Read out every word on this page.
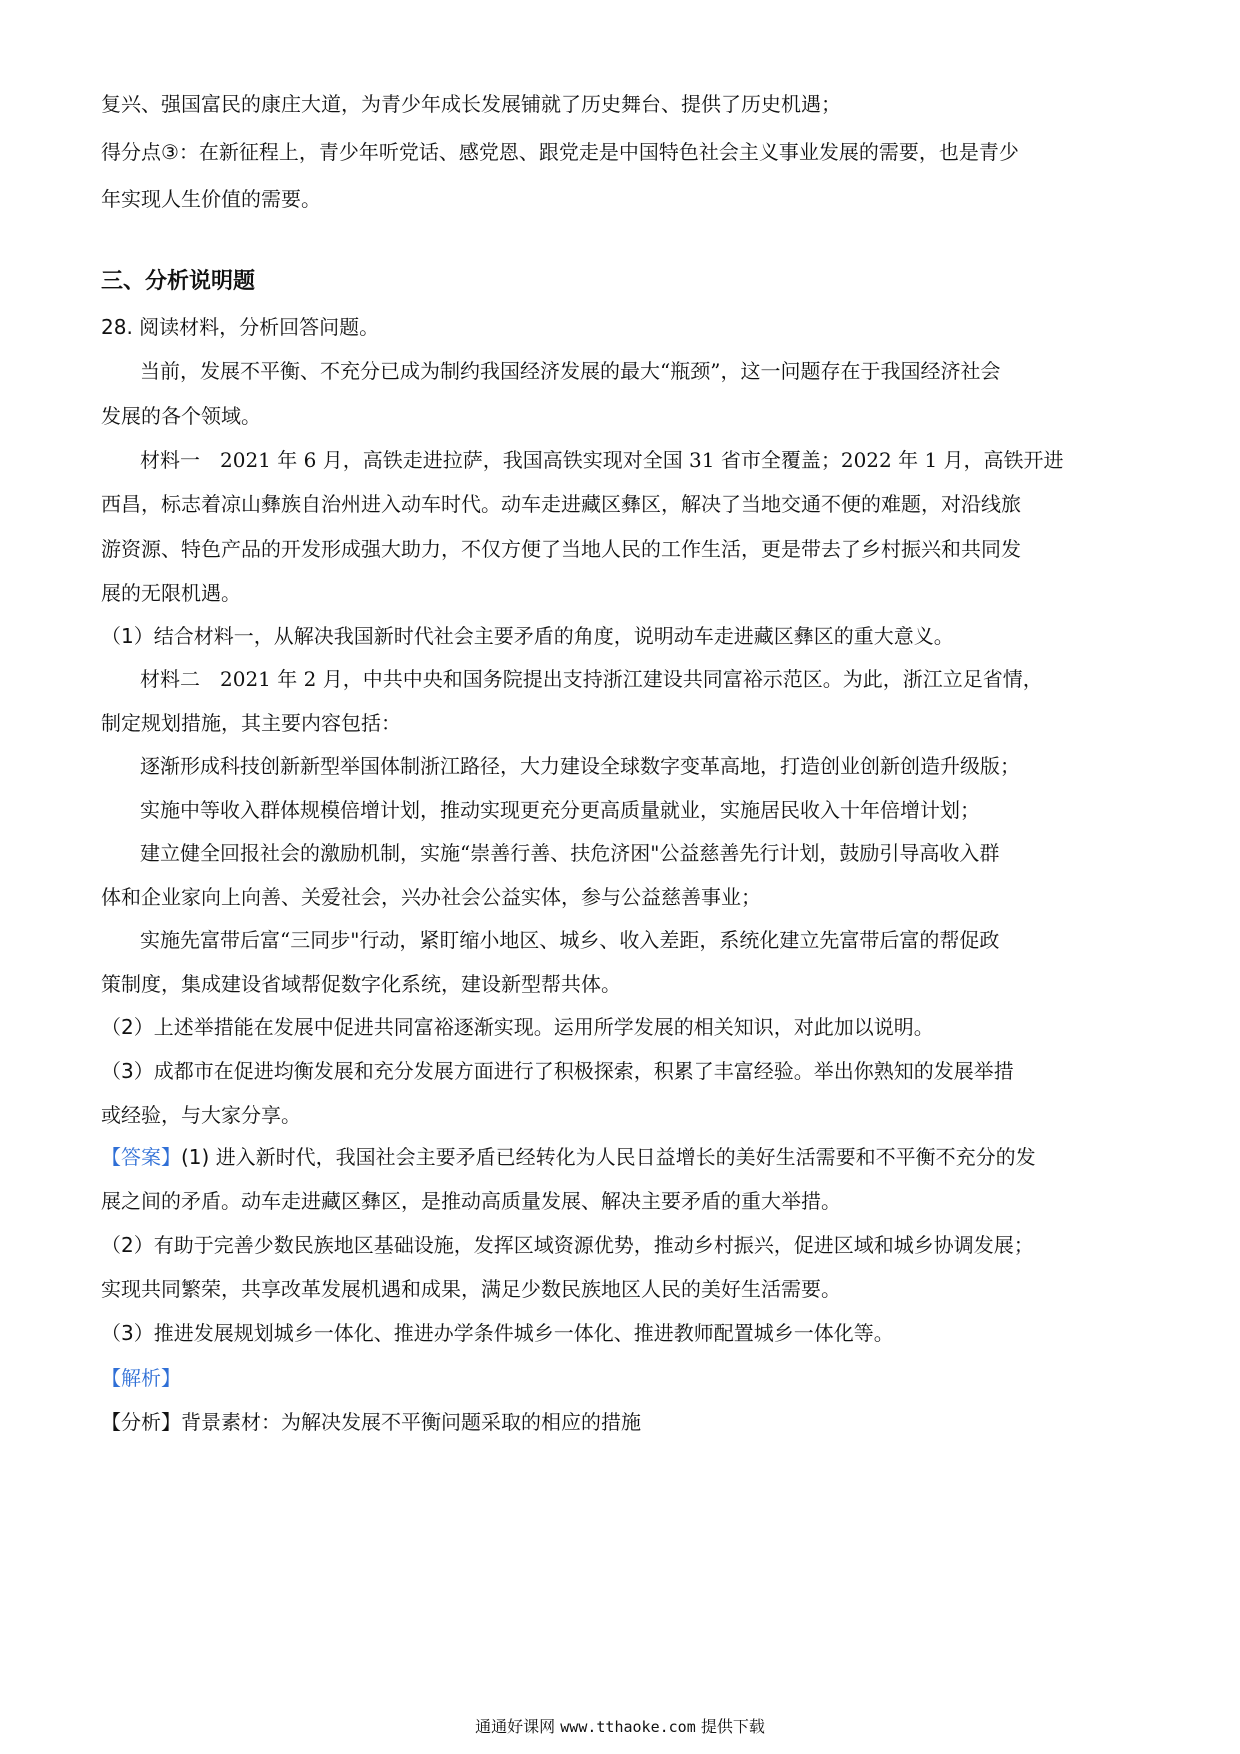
复兴、强国富民的康庄大道，为青少年成长发展铺就了历史舞台、提供了历史机遇；
得分点③：在新征程上，青少年听党话、感党恩、跟党走是中国特色社会主义事业发展的需要，也是青少
年实现人生价值的需要。
三、分析说明题
28. 阅读材料，分析回答问题。
当前，发展不平衡、不充分已成为制约我国经济发展的最大“瓶颈”，这一问题存在于我国经济社会
发展的各个领域。
材料一　2021 年 6 月，高铁走进拉萨，我国高铁实现对全国 31 省市全覆盖；2022 年 1 月，高铁开进
西昌，标志着凉山彝族自治州进入动车时代。动车走进藏区彝区，解决了当地交通不便的难题，对沿线旅
游资源、特色产品的开发形成强大助力，不仅方便了当地人民的工作生活，更是带去了乡村振兴和共同发
展的无限机遇。
（1）结合材料一，从解决我国新时代社会主要矛盾的角度，说明动车走进藏区彝区的重大意义。
材料二　2021 年 2 月，中共中央和国务院提出支持浙江建设共同富裕示范区。为此，浙江立足省情，
制定规划措施，其主要内容包括：
逐渐形成科技创新新型举国体制浙江路径，大力建设全球数字变革高地，打造创业创新创造升级版；
实施中等收入群体规模倍增计划，推动实现更充分更高质量就业，实施居民收入十年倍增计划；
建立健全回报社会的激励机制，实施“崇善行善、扶危济困"公益慈善先行计划，鼓励引导高收入群
体和企业家向上向善、关爱社会，兴办社会公益实体，参与公益慈善事业；
实施先富带后富“三同步"行动，紧盯缩小地区、城乡、收入差距，系统化建立先富带后富的帮促政
策制度，集成建设省域帮促数字化系统，建设新型帮共体。
（2）上述举措能在发展中促进共同富裕逐渐实现。运用所学发展的相关知识，对此加以说明。
（3）成都市在促进均衡发展和充分发展方面进行了积极探索，积累了丰富经验。举出你熟知的发展举措
或经验，与大家分享。
【答案】(1) 进入新时代，我国社会主要矛盾已经转化为人民日益增长的美好生活需要和不平衡不充分的发
展之间的矛盾。动车走进藏区彝区，是推动高质量发展、解决主要矛盾的重大举措。
（2）有助于完善少数民族地区基础设施，发挥区域资源优势，推动乡村振兴，促进区域和城乡协调发展；
实现共同繁荣，共享改革发展机遇和成果，满足少数民族地区人民的美好生活需要。
（3）推进发展规划城乡一体化、推进办学条件城乡一体化、推进教师配置城乡一体化等。
【解析】
【分析】背景素材：为解决发展不平衡问题采取的相应的措施
通通好课网 www.tthaoke.com 提供下载
